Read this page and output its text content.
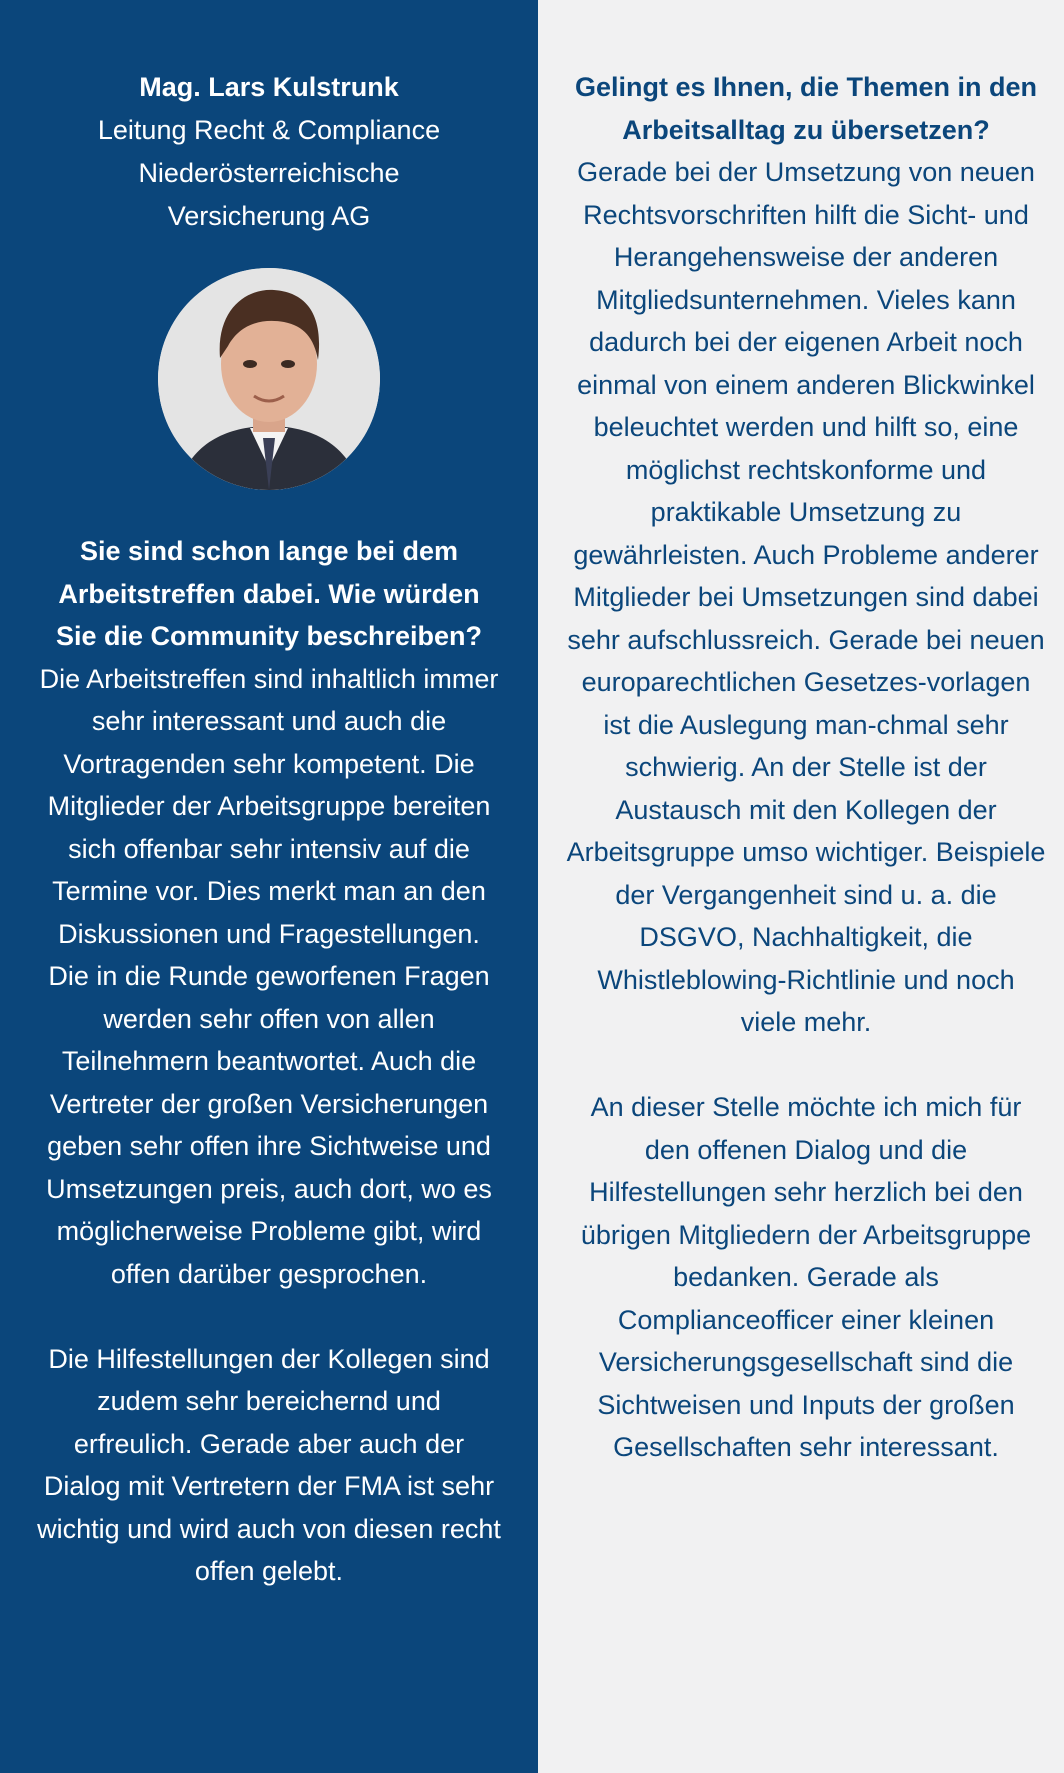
Mag. Lars Kulstrunk

Leitung Recht & Compliance

Niederösterreichische

Versicherung AG

Sie sind schon lange bei dem Arbeitstreffen dabei. Wie würden Sie die Community beschreiben?

Die Arbeitstreffen sind inhaltlich immer sehr interessant und auch die Vortragenden sehr kompetent. Die Mitglieder der Arbeitsgruppe bereiten sich offenbar sehr intensiv auf die Termine vor. Dies merkt man an den Diskussionen und Fragestellungen. Die in die Runde geworfenen Fragen werden sehr offen von allen Teilnehmern beantwortet. Auch die Vertreter der großen Versicherungen geben sehr offen ihre Sichtweise und Umsetzungen preis, auch dort, wo es möglicherweise Probleme gibt, wird offen darüber gesprochen.

Die Hilfestellungen der Kollegen sind zudem sehr bereichernd und erfreulich. Gerade aber auch der Dialog mit Vertretern der FMA ist sehr wichtig und wird auch von diesen recht offen gelebt.

Gelingt es Ihnen, die Themen in den Arbeitsalltag zu übersetzen?

Gerade bei der Umsetzung von neuen Rechtsvorschriften hilft die Sicht- und Herangehensweise der anderen Mitgliedsunternehmen. Vieles kann dadurch bei der eigenen Arbeit noch einmal von einem anderen Blickwinkel beleuchtet werden und hilft so, eine möglichst rechtskonforme und praktikable Umsetzung zu gewährleisten. Auch Probleme anderer Mitglieder bei Umsetzungen sind dabei sehr aufschlussreich. Gerade bei neuen europarechtlichen Gesetzes-vorlagen ist die Auslegung man-chmal sehr schwierig. An der Stelle ist der Austausch mit den Kollegen der Arbeitsgruppe umso wichtiger. Beispiele der Vergangenheit sind u. a. die DSGVO, Nachhaltigkeit, die Whistleblowing-Richtlinie und noch viele mehr.

An dieser Stelle möchte ich mich für den offenen Dialog und die Hilfestellungen sehr herzlich bei den übrigen Mitgliedern der Arbeitsgruppe bedanken. Gerade als Complianceofficer einer kleinen Versicherungsgesellschaft sind die Sichtweisen und Inputs der großen Gesellschaften sehr interessant.
